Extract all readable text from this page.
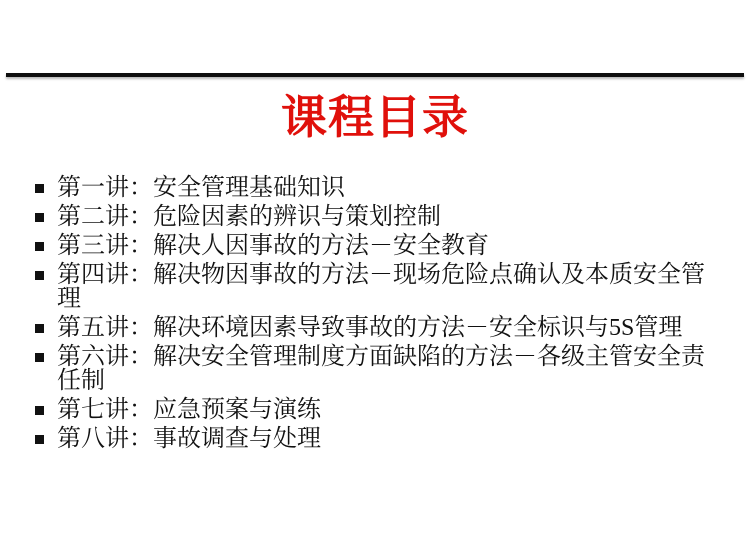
课程目录
第一讲：安全管理基础知识
第二讲：危险因素的辨识与策划控制
第三讲：解决人因事故的方法－安全教育
第四讲：解决物因事故的方法－现场危险点确认及本质安全管
理
第五讲：解决环境因素导致事故的方法－安全标识与5S管理
第六讲：解决安全管理制度方面缺陷的方法－各级主管安全责
任制
第七讲：应急预案与演练
第八讲：事故调查与处理
